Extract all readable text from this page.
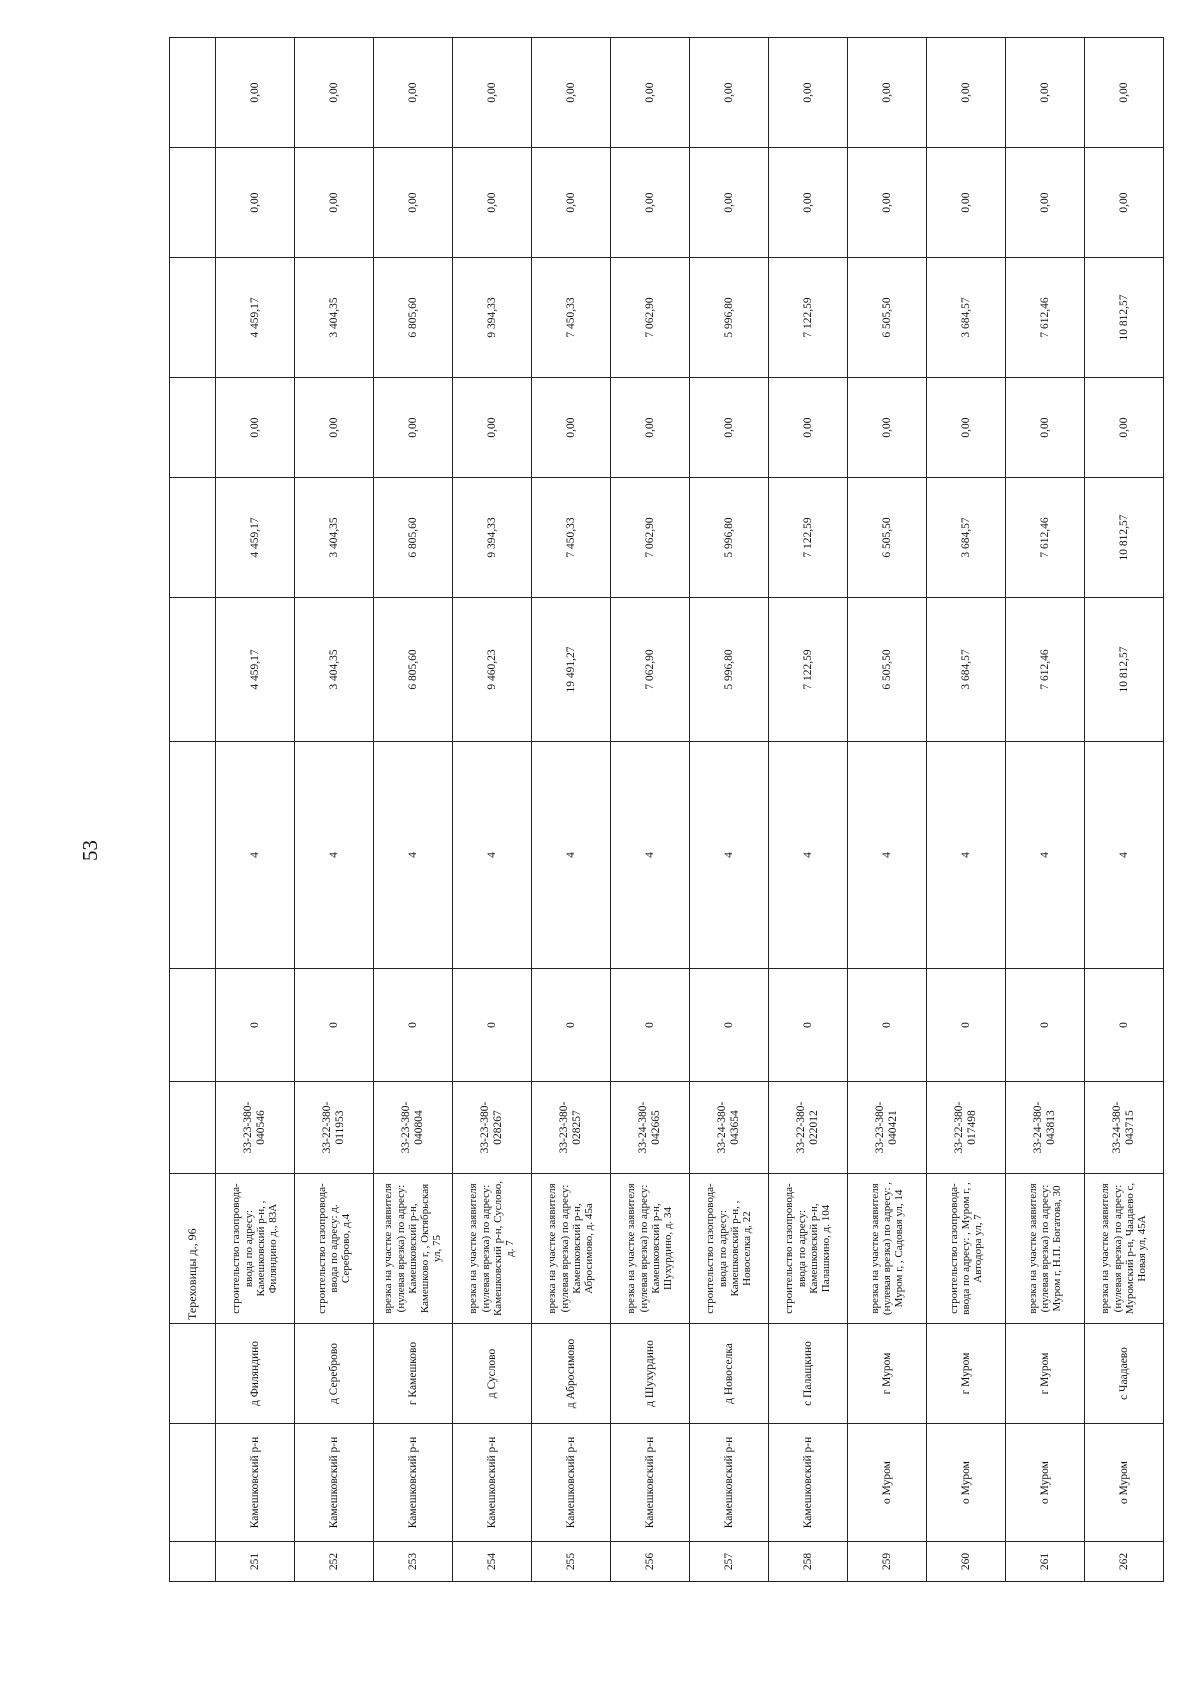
53
			Тереховицы д., 96									
251	Камешковский р-н	д Филяндино	строительство газопровода-ввода по адресу: Камешковский р-н, , Филяндино д., 83А	33-23-380-040546	0	4	4 459,17	4 459,17	0,00	4 459,17	0,00	0,00
252	Камешковский р-н	д Сереброво	строительство газопровода-ввода по адресу: д. Сереброво, д.4	33-22-380-011953	0	4	3 404,35	3 404,35	0,00	3 404,35	0,00	0,00
253	Камешковский р-н	г Камешково	врезка на участке заявителя (нулевая врезка) по адресу: Камешковский р-н, Камешково г, , Октябрьская ул, 75	33-23-380-040804	0	4	6 805,60	6 805,60	0,00	6 805,60	0,00	0,00
254	Камешковский р-н	д Суслово	врезка на участке заявителя (нулевая врезка) по адресу: Камешковский р-н, Суслово, д. 7	33-23-380-028267	0	4	9 460,23	9 394,33	0,00	9 394,33	0,00	0,00
255	Камешковский р-н	д Абросимово	врезка на участке заявителя (нулевая врезка) по адресу: Камешковский р-н, Абросимово, д. 45а	33-23-380-028257	0	4	19 491,27	7 450,33	0,00	7 450,33	0,00	0,00
256	Камешковский р-н	д Шухурдино	врезка на участке заявителя (нулевая врезка) по адресу: Камешковский р-н, Шухурдино, д. 34	33-24-380-042665	0	4	7 062,90	7 062,90	0,00	7 062,90	0,00	0,00
257	Камешковский р-н	д Новоселка	строительство газопровода-ввода по адресу: Камешковский р-н, , Новоселка д, 22	33-24-380-043654	0	4	5 996,80	5 996,80	0,00	5 996,80	0,00	0,00
258	Камешковский р-н	с Палащкино	строительство газопровода-ввода по адресу: Камешковский р-н, Палашкино, д. 104	33-22-380-022012	0	4	7 122,59	7 122,59	0,00	7 122,59	0,00	0,00
259	о Муром	г Муром	врезка на участке заявителя (нулевая врезка) по адресу: , Муром г, , Садовая ул, 14	33-23-380-040421	0	4	6 505,50	6 505,50	0,00	6 505,50	0,00	0,00
260	о Муром	г Муром	строительство газопровода-ввода по адресу: , Муром г, , Автодора ул, 7	33-22-380-017498	0	4	3 684,57	3 684,57	0,00	3 684,57	0,00	0,00
261	о Муром	г Муром	врезка на участке заявителя (нулевая врезка) по адресу: Муром г, Н.П. Богатова, 30	33-24-380-043813	0	4	7 612,46	7 612,46	0,00	7 612,46	0,00	0,00
262	о Муром	с Чаадаево	врезка на участке заявителя (нулевая врезка) по адресу: Муромский р-н, Чаадаево с, Новая ул, 45А	33-24-380-043715	0	4	10 812,57	10 812,57	0,00	10 812,57	0,00	0,00
